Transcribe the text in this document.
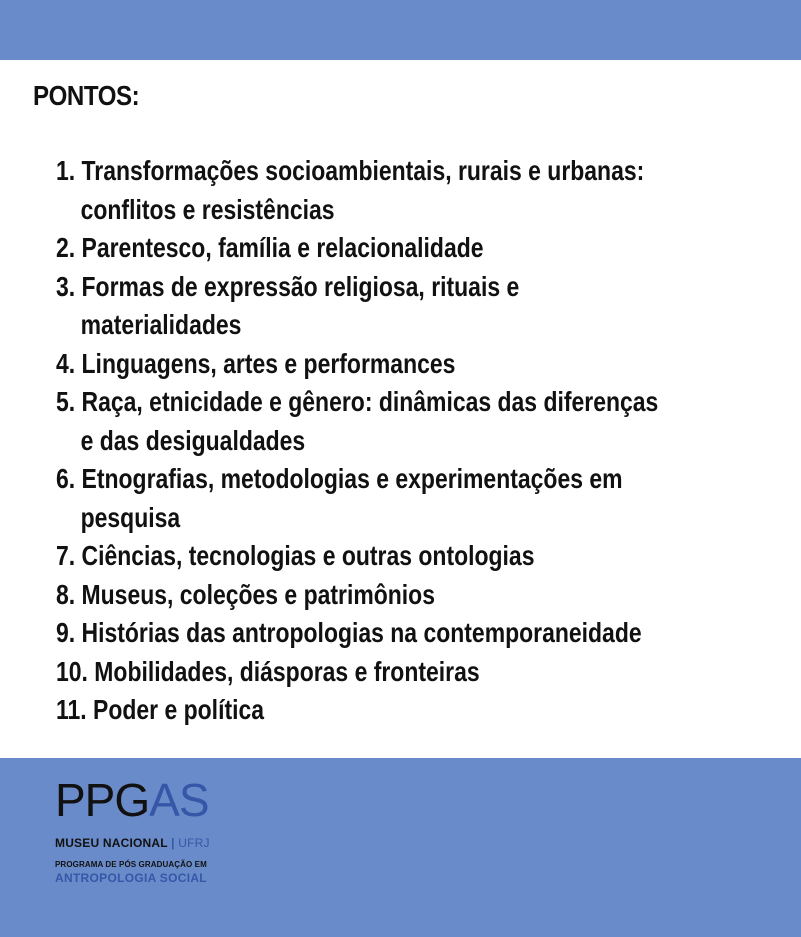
PONTOS:
1. Transformações socioambientais, rurais e urbanas:
conflitos e resistências
2. Parentesco, família e relacionalidade
3. Formas de expressão religiosa, rituais e
materialidades
4. Linguagens, artes e performances
5. Raça, etnicidade e gênero: dinâmicas das diferenças
e das desigualdades
6. Etnografias, metodologias e experimentações em
pesquisa
7. Ciências, tecnologias e outras ontologias
8. Museus, coleções e patrimônios
9. Histórias das antropologias na contemporaneidade
10. Mobilidades, diásporas e fronteiras
11. Poder e política
PPGAS
MUSEU NACIONAL | UFRJ
PROGRAMA DE PÓS GRADUAÇÃO EM
ANTROPOLOGIA SOCIAL
